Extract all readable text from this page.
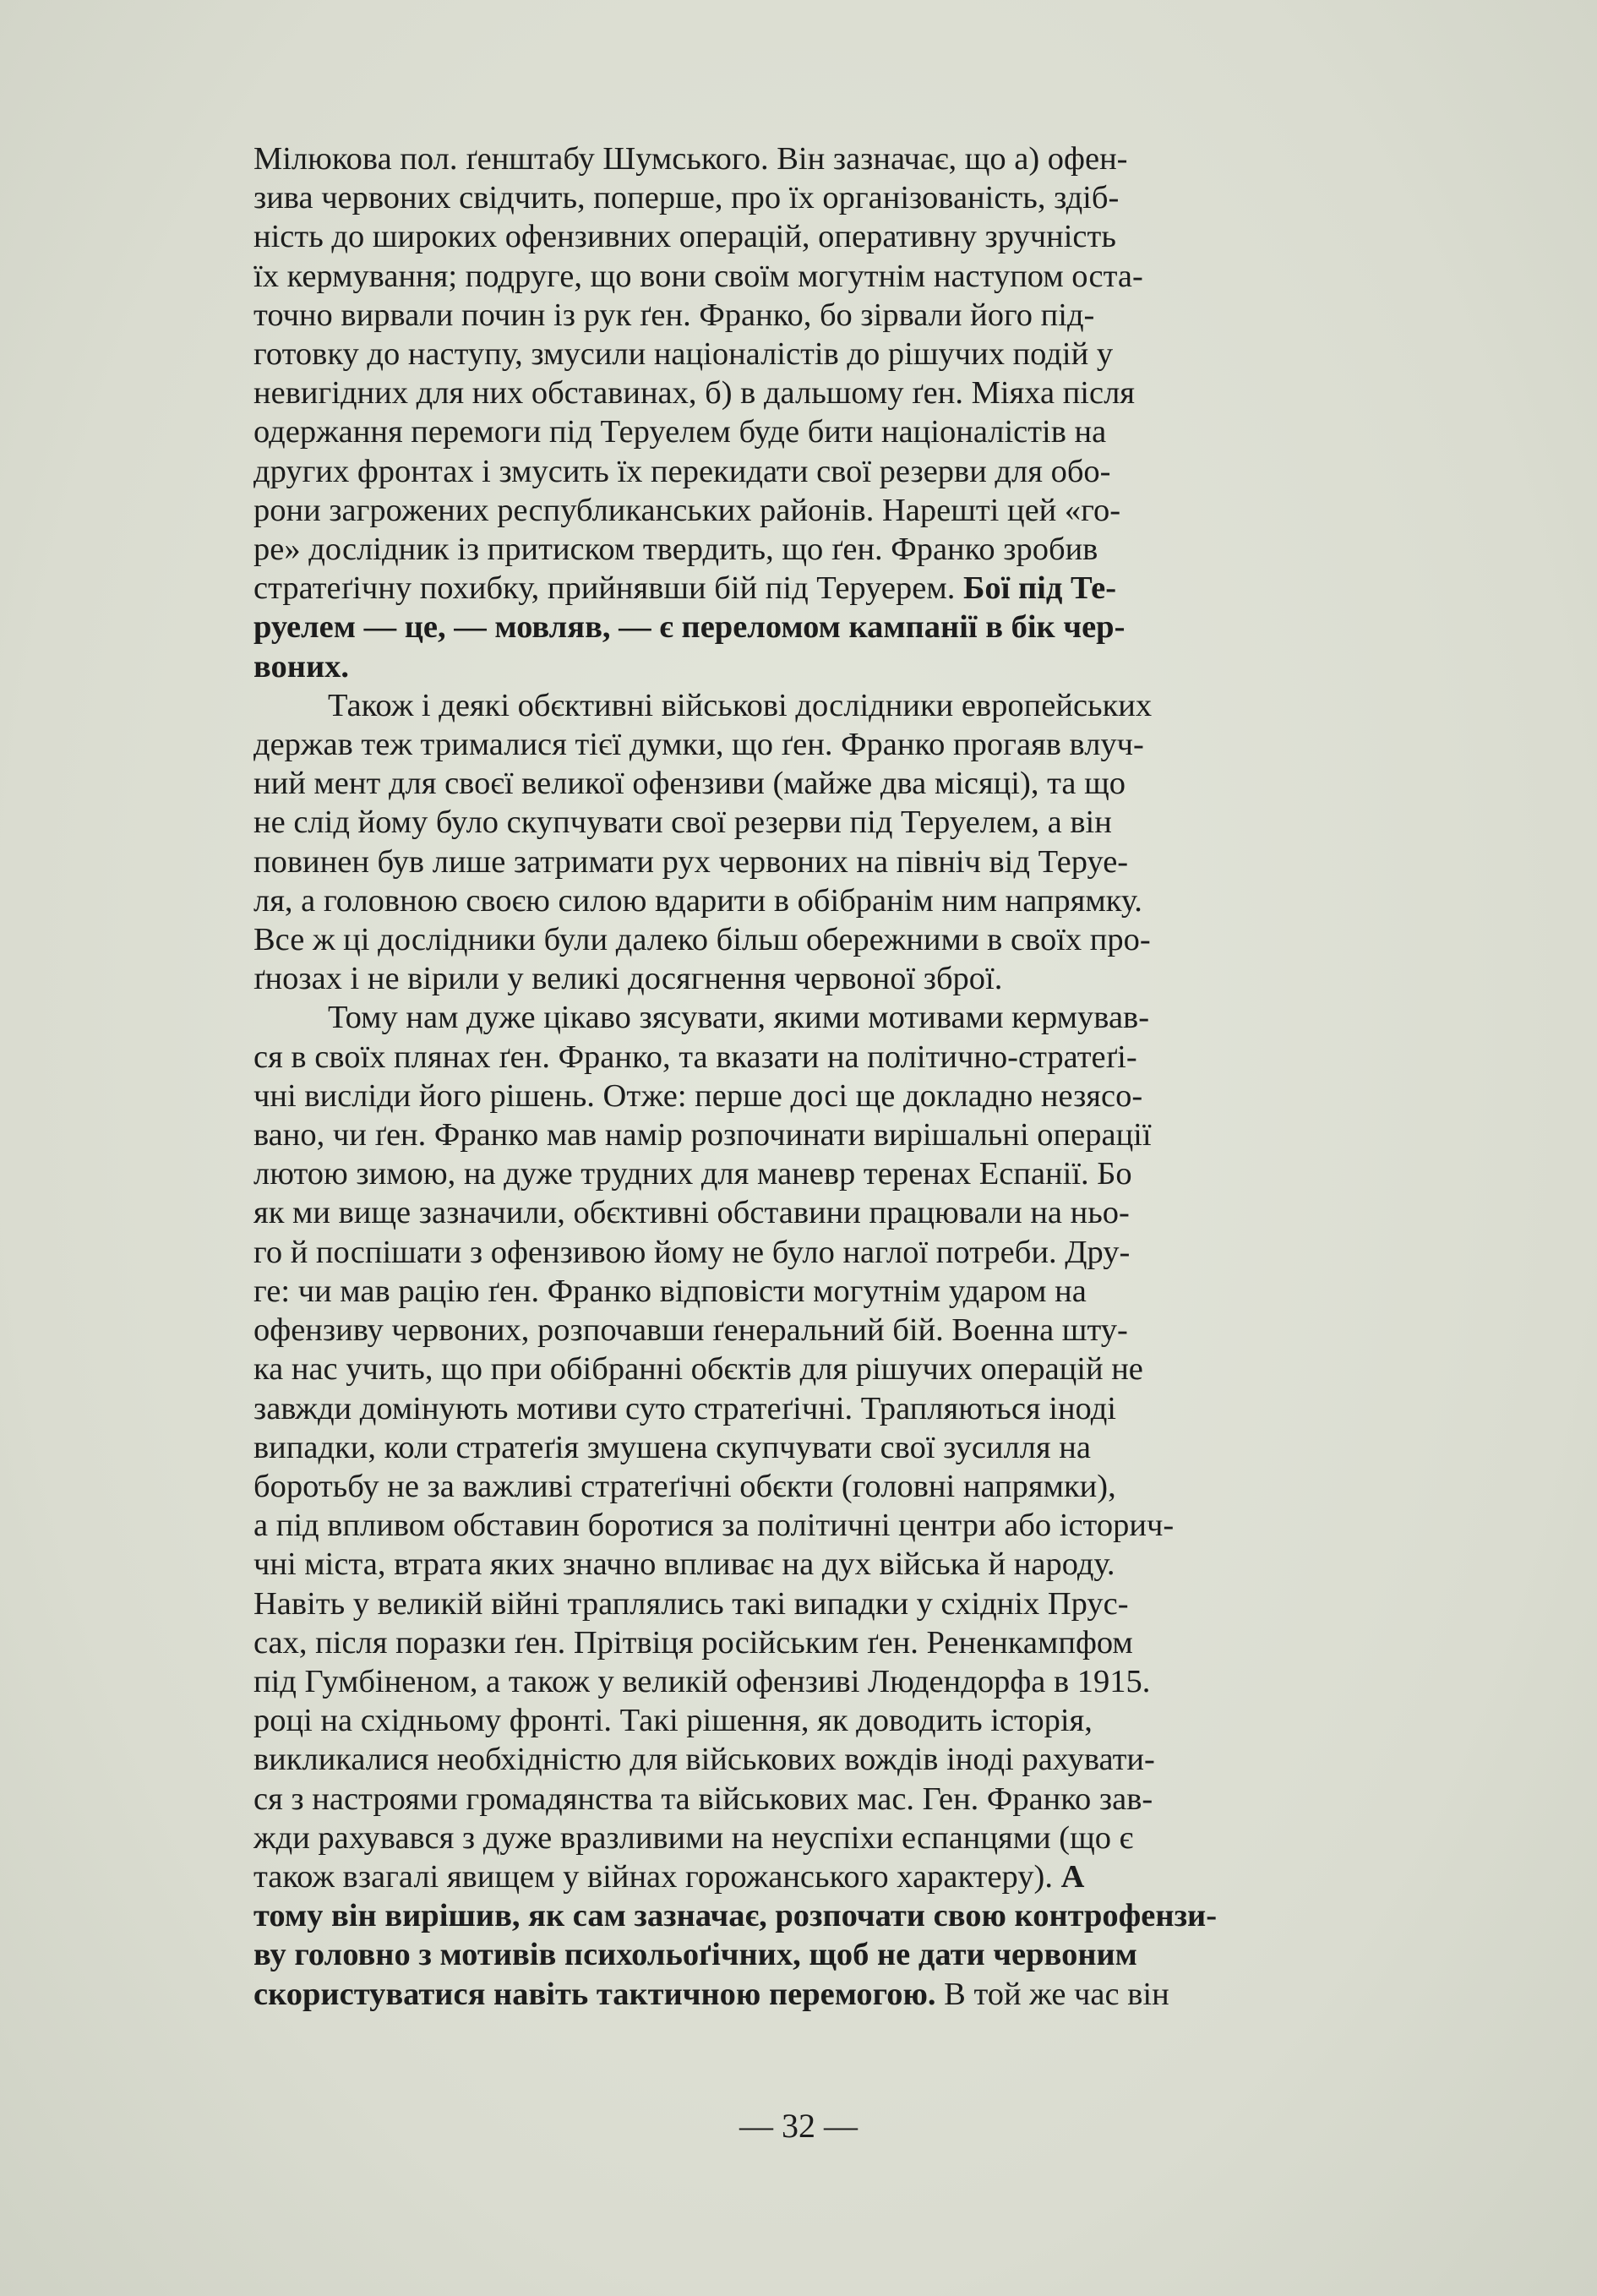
Мілюкова пол. ґенштабу Шумського. Він зазначає, що а) офен-
зива червоних свідчить, поперше, про їх організованість, здіб-
ність до широких офензивних операцій, оперативну зручність
їх кермування; подруге, що вони своїм могутнім наступом оста-
точно вирвали почин із рук ґен. Франко, бо зірвали його під-
готовку до наступу, змусили націоналістів до рішучих подій у
невигідних для них обставинах, б) в дальшому ґен. Міяха після
одержання перемоги під Теруелем буде бити націоналістів на
других фронтах і змусить їх перекидати свої резерви для обо-
рони загрожених республиканських районів. Нарешті цей «го-
ре» дослідник із притиском твердить, що ґен. Франко зробив
стратеґічну похибку, прийнявши бій під Теруерем. Бої під Те-
руелем — це, — мовляв, — є переломом кампанії в бік чер-
воних.
Також і деякі обєктивні військові дослідники европейських
держав теж трималися тієї думки, що ґен. Франко прогаяв влуч-
ний мент для своєї великої офензиви (майже два місяці), та що
не слід йому було скупчувати свої резерви під Теруелем, а він
повинен був лише затримати рух червоних на північ від Теруе-
ля, а головною своєю силою вдарити в обібранім ним напрямку.
Все ж ці дослідники були далеко більш обережними в своїх про-
ґнозах і не вірили у великі досягнення червоної зброї.
Тому нам дуже цікаво зясувати, якими мотивами кермував-
ся в своїх плянах ґен. Франко, та вказати на політично-стратеґі-
чні висліди його рішень. Отже: перше досі ще докладно незясо-
вано, чи ґен. Франко мав намір розпочинати вирішальні операції
лютою зимою, на дуже трудних для маневр теренах Еспанії. Бо
як ми вище зазначили, обєктивні обставини працювали на ньо-
го й поспішати з офензивою йому не було наглої потреби. Дру-
ге: чи мав рацію ґен. Франко відповісти могутнім ударом на
офензиву червоних, розпочавши ґенеральний бій. Военна шту-
ка нас учить, що при обібранні обєктів для рішучих операцій не
завжди домінують мотиви суто стратеґічні. Трапляються іноді
випадки, коли стратеґія змушена скупчувати свої зусилля на
боротьбу не за важливі стратеґічні обєкти (головні напрямки),
а під впливом обставин боротися за політичні центри або історич-
чні міста, втрата яких значно впливає на дух війська й народу.
Навіть у великій війні траплялись такі випадки у східніх Прус-
сах, після поразки ґен. Прітвіця російським ґен. Рененкампфом
під Гумбіненом, а також у великій офензиві Людендорфа в 1915.
році на східньому фронті. Такі рішення, як доводить історія,
викликалися необхідністю для військових вождів іноді рахувати-
ся з настроями громадянства та військових мас. Ген. Франко зав-
жди рахувався з дуже вразливими на неуспіхи еспанцями (що є
також взагалі явищем у війнах горожанського характеру). А
тому він вирішив, як сам зазначає, розпочати свою контрофензи-
ву головно з мотивів психольоґічних, щоб не дати червоним
скористуватися навіть тактичною перемогою. В той же час він
— 32 —
